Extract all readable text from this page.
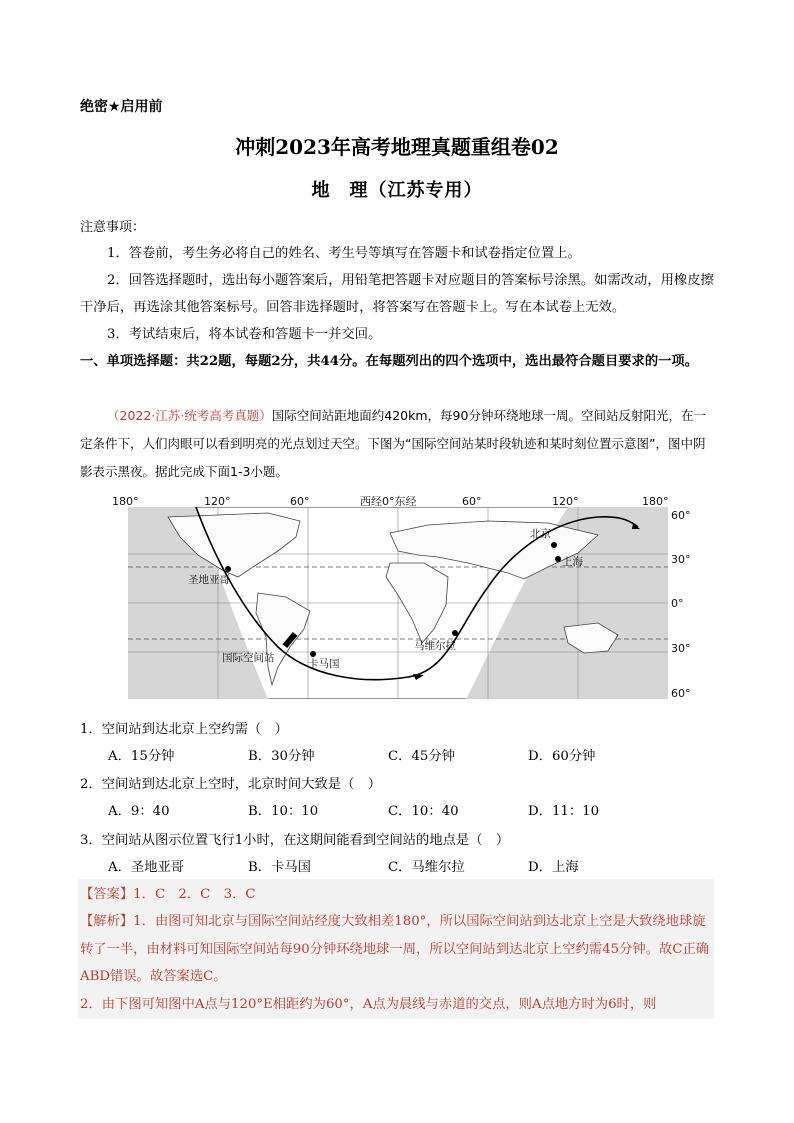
绝密★启用前
冲刺2023年高考地理真题重组卷02
地　理（江苏专用）
注意事项：
1．答卷前，考生务必将自己的姓名、考生号等填写在答题卡和试卷指定位置上。
2．回答选择题时，选出每小题答案后，用铅笔把答题卡对应题目的答案标号涂黑。如需改动，用橡皮擦干净后，再选涂其他答案标号。回答非选择题时，将答案写在答题卡上。写在本试卷上无效。
3．考试结束后，将本试卷和答题卡一并交回。
一、单项选择题：共22题，每题2分，共44分。在每题列出的四个选项中，选出最符合题目要求的一项。
（2022·江苏·统考高考真题）国际空间站距地面约420km，每90分钟环绕地球一周。空间站反射阳光，在一定条件下，人们肉眼可以看到明亮的光点划过天空。下图为“国际空间站某时段轨迹和某时刻位置示意图”，图中阴影表示黑夜。据此完成下面1-3小题。
圣地亚哥
国际空间站	卡马国
马维尔拉
北京
上海
180°	120°	60°	西经0°东经	60°	120°	180°
60°
30°
0°
30°
60°
1．空间站到达北京上空约需（　）
A．15分钟	B．30分钟	C．45分钟	D．60分钟
2．空间站到达北京上空时，北京时间大致是（　）
A．9：40	B．10：10	C．10：40	D．11：10
3．空间站从图示位置飞行1小时，在这期间能看到空间站的地点是（　）
A．圣地亚哥	B．卡马国	C．马维尔拉	D．上海
【答案】1．C　2．C　3．C
【解析】1．由图可知北京与国际空间站经度大致相差180°，所以国际空间站到达北京上空是大致绕地球旋转了一半，由材料可知国际空间站每90分钟环绕地球一周，所以空间站到达北京上空约需45分钟。故C正确ABD错误。故答案选C。
2．由下图可知图中A点与120°E相距约为60°，A点为晨线与赤道的交点，则A点地方时为6时，则
